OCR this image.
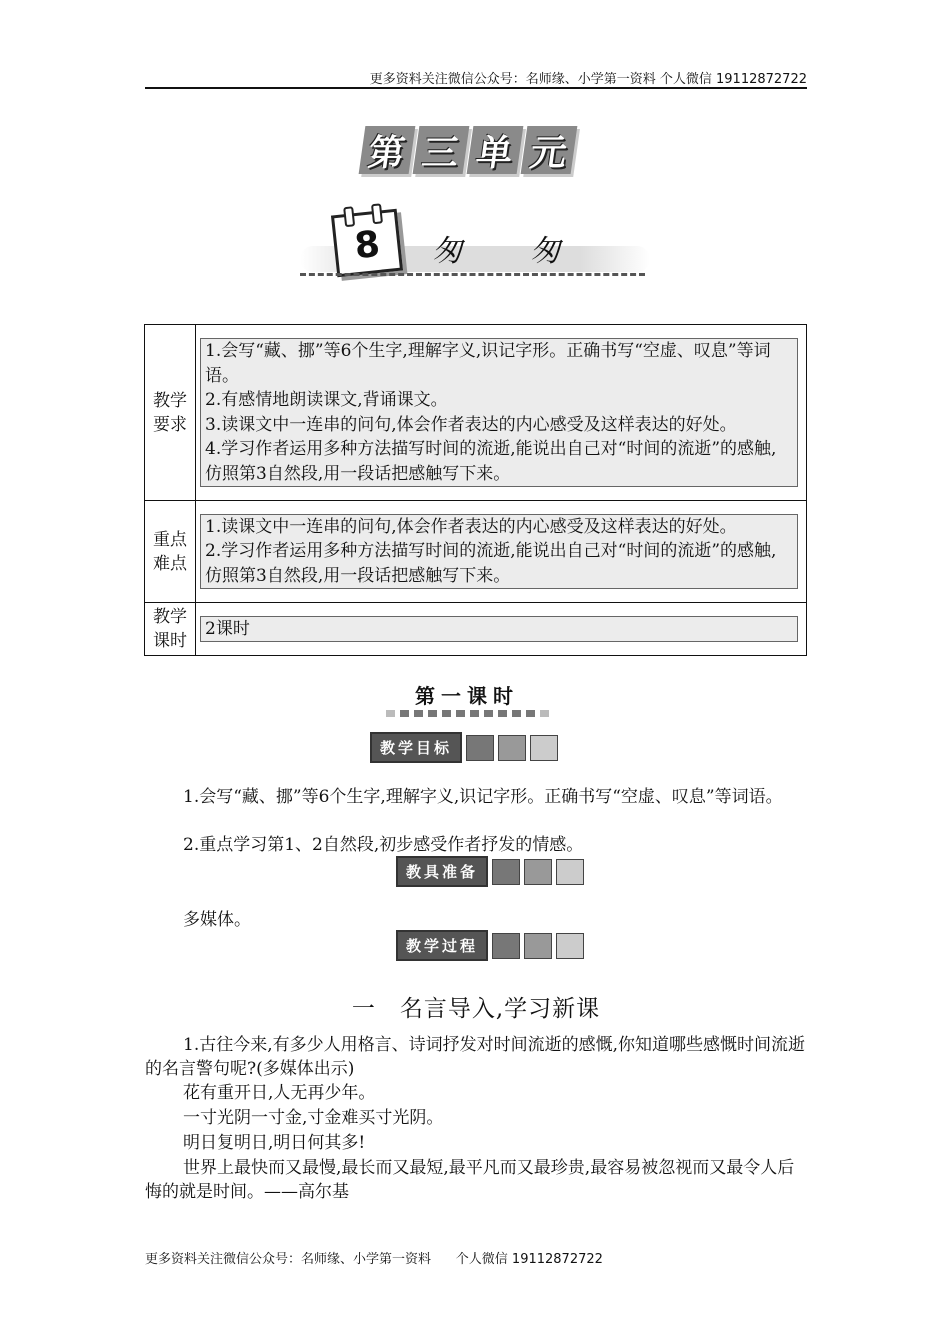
更多资料关注微信公众号：名师缘、小学第一资料 个人微信 19112872722
第 三 单 元
8	匆匆
教学要求	1.会写“藏、挪”等6个生字,理解字义,识记字形。正确书写“空虚、叹息”等词语。
2.有感情地朗读课文,背诵课文。
3.读课文中一连串的问句,体会作者表达的内心感受及这样表达的好处。
4.学习作者运用多种方法描写时间的流逝,能说出自己对“时间的流逝”的感触,仿照第3自然段,用一段话把感触写下来。

重点难点	1.读课文中一连串的问句,体会作者表达的内心感受及这样表达的好处。
2.学习作者运用多种方法描写时间的流逝,能说出自己对“时间的流逝”的感触,仿照第3自然段,用一段话把感触写下来。

教学课时	2课时
第一课时
教学目标
1.会写“藏、挪”等6个生字,理解字义,识记字形。正确书写“空虚、叹息”等词语。
2.重点学习第1、2自然段,初步感受作者抒发的情感。
教具准备
多媒体。
教学过程
一　名言导入,学习新课
1.古往今来,有多少人用格言、诗词抒发对时间流逝的感慨,你知道哪些感慨时间流逝的名言警句呢?(多媒体出示)
花有重开日,人无再少年。
一寸光阴一寸金,寸金难买寸光阴。
明日复明日,明日何其多!
世界上最快而又最慢,最长而又最短,最平凡而又最珍贵,最容易被忽视而又最令人后悔的就是时间。——高尔基
更多资料关注微信公众号：名师缘、小学第一资料      个人微信 19112872722
